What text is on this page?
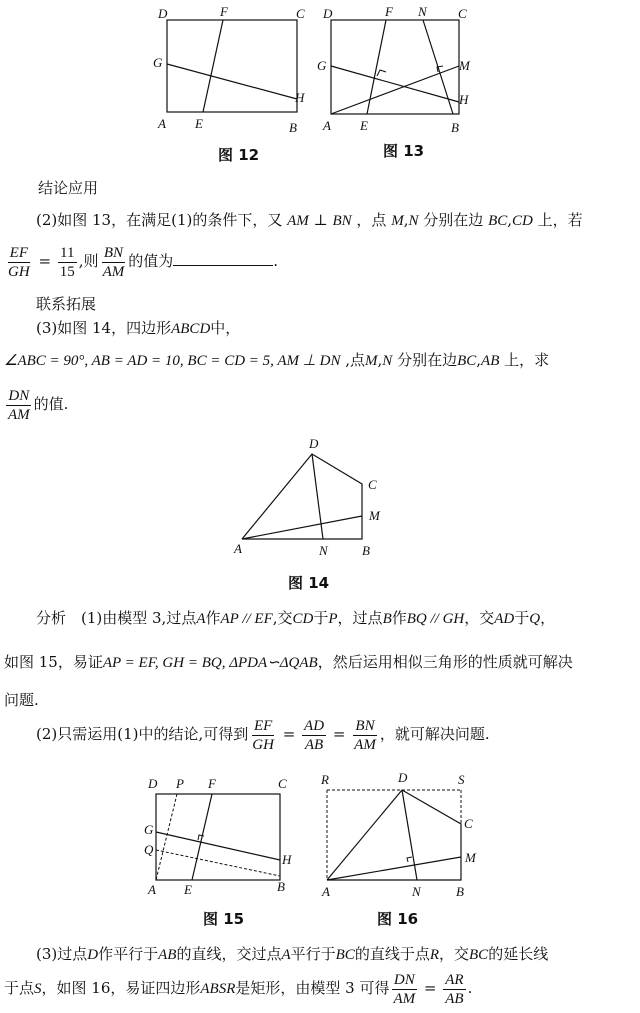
D	F	C
G
H
A E	B
图 12
D	F N C
G	M
H
A E	B
图 13
结论应用
(2)如图 13，在满足(1)的条件下，又 AM ⊥ BN ，点 M,N 分别在边 BC,CD 上，若
$\frac{EF}{GH} = \frac{11}{15}$ ,则 $\frac{BN}{AM}$ 的值为	.
联系拓展
(3)如图 14，四边形ABCD中，
∠ABC = 90°, AB = AD = 10, BC = CD = 5, AM ⊥ DN ,点M,N 分别在边BC,AB 上，求
$\frac{DN}{AM}$ 的值.
D
C
M
A	N	B
图 14
分析　(1)由模型 3,过点A作AP // EF,交CD于P，过点B作BQ // GH，交AD于Q，
如图 15，易证AP = EF, GH = BQ, ΔPDA∽ΔQAB，然后运用相似三角形的性质就可解决
问题.
(2)只需运用(1)中的结论,可得到 $\frac{EF}{GH} = \frac{AD}{AB} = \frac{BN}{AM}$ ，就可解决问题.
D P F	C
G
Q
H
A E	B
图 15
R	D	S
C
M
A	N	B
图 16
(3)过点D作平行于AB的直线，交过点A平行于BC的直线于点R，交BC的延长线
于点S，如图 16，易证四边形ABSR是矩形，由模型 3 可得 $\frac{DN}{AM} = \frac{AR}{AB}$ .
